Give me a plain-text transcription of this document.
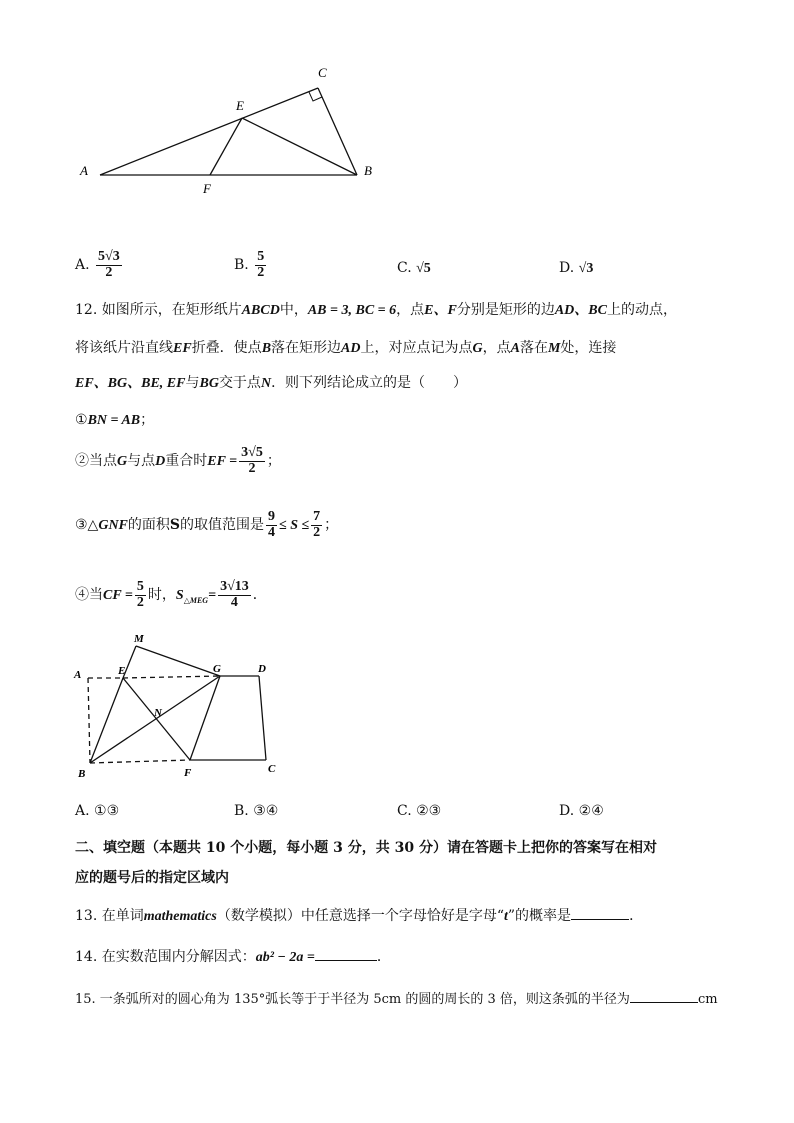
A	B
C
E
F
A. $\frac{5√3}{2}$	B. $\frac{5}{2}$	C. √5	D. √3
12. 如图所示，在矩形纸片ABCD中，AB = 3, BC = 6，点E、F分别是矩形的边AD、BC上的动点，
将该纸片沿直线EF折叠．使点B落在矩形边AD上，对应点记为点G，点A落在M处，连接
EF、BG、BE, EF与BG交于点N．则下列结论成立的是（　　）
①BN = AB；
②当点G与点D重合时EF = $\frac{3√5}{2}$ ；
③△GNF的面积S的取值范围是 $\frac{9}{4} \le S \le \frac{7}{2}$ ；
④当CF = $\frac{5}{2}$ 时，$S_{\triangle MEG}= \frac{3√13}{4}$ ．
A
B	C
D
E
F
G
M
N
A. ①③	B. ③④	C. ②③	D. ②④
二、填空题（本题共 10 个小题，每小题 3 分，共 30 分）请在答题卡上把你的答案写在相对
应的题号后的指定区域内
13. 在单词mathematics（数学模拟）中任意选择一个字母恰好是字母“t”的概率是	．
14. 在实数范围内分解因式：ab² − 2a =	．
15. 一条弧所对的圆心角为 135°弧长等于于半径为 5cm 的圆的周长的 3 倍，则这条弧的半径为	cm
